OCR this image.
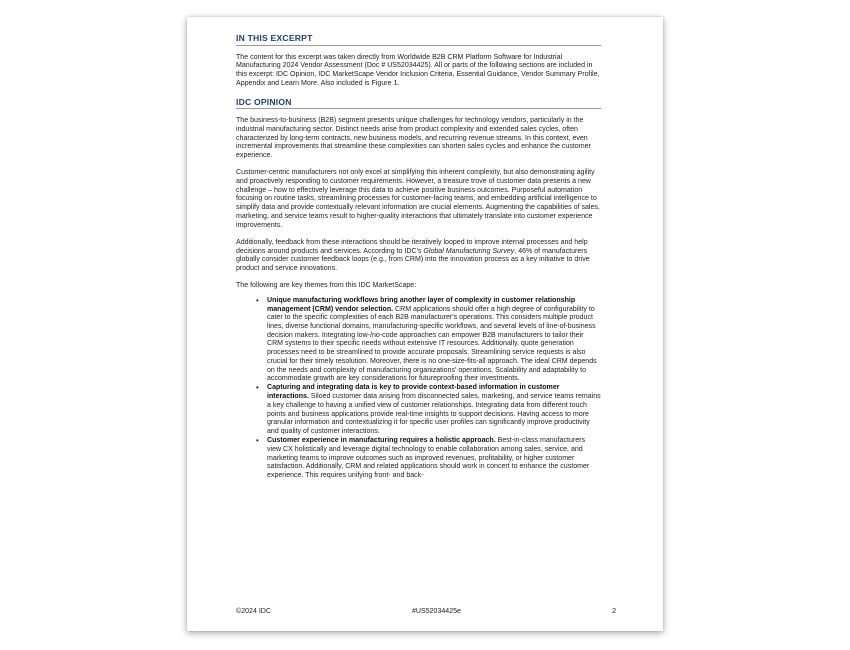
IN THIS EXCERPT

The content for this excerpt was taken directly from Worldwide B2B CRM Platform Software for Industrial Manufacturing 2024 Vendor Assessment (Doc # US52034425). All or parts of the following sections are included in this excerpt: IDC Opinion, IDC MarketScape Vendor Inclusion Criteria, Essential Guidance, Vendor Summary Profile, Appendix and Learn More. Also included is Figure 1.

IDC OPINION

The business-to-business (B2B) segment presents unique challenges for technology vendors, particularly in the industrial manufacturing sector. Distinct needs arise from product complexity and extended sales cycles, often characterized by long-term contracts, new business models, and recurring revenue streams. In this context, even incremental improvements that streamline these complexities can shorten sales cycles and enhance the customer experience.

Customer-centric manufacturers not only excel at simplifying this inherent complexity, but also demonstrating agility and proactively responding to customer requirements. However, a treasure trove of customer data presents a new challenge – how to effectively leverage this data to achieve positive business outcomes. Purposeful automation focusing on routine tasks, streamlining processes for customer-facing teams, and embedding artificial intelligence to simplify data and provide contextually relevant information are crucial elements. Augmenting the capabilities of sales, marketing, and service teams result to higher-quality interactions that ultimately translate into customer experience improvements.

Additionally, feedback from these interactions should be iteratively looped to improve internal processes and help decisions around products and services. According to IDC's Global Manufacturing Survey, 46% of manufacturers globally consider customer feedback loops (e.g., from CRM) into the innovation process as a key initiative to drive product and service innovations.

The following are key themes from this IDC MarketScape:

• Unique manufacturing workflows bring another layer of complexity in customer relationship management (CRM) vendor selection. CRM applications should offer a high degree of configurability to cater to the specific complexities of each B2B manufacturer's operations. This considers multiple product lines, diverse functional domains, manufacturing-specific workflows, and several levels of line-of-business decision makers. Integrating low-/no-code approaches can empower B2B manufacturers to tailor their CRM systems to their specific needs without extensive IT resources. Additionally, quote generation processes need to be streamlined to provide accurate proposals. Streamlining service requests is also crucial for their timely resolution. Moreover, there is no one-size-fits-all approach. The ideal CRM depends on the needs and complexity of manufacturing organizations' operations. Scalability and adaptability to accommodate growth are key considerations for futureproofing their investments.
• Capturing and integrating data is key to provide context-based information in customer interactions. Siloed customer data arising from disconnected sales, marketing, and service teams remains a key challenge to having a unified view of customer relationships. Integrating data from different touch points and business applications provide real-time insights to support decisions. Having access to more granular information and contextualizing it for specific user profiles can significantly improve productivity and quality of customer interactions.
• Customer experience in manufacturing requires a holistic approach. Best-in-class manufacturers view CX holistically and leverage digital technology to enable collaboration among sales, service, and marketing teams to improve outcomes such as improved revenues, profitability, or higher customer satisfaction. Additionally, CRM and related applications should work in concert to enhance the customer experience. This requires unifying front- and back-
©2024 IDC	#US52034425e	2
